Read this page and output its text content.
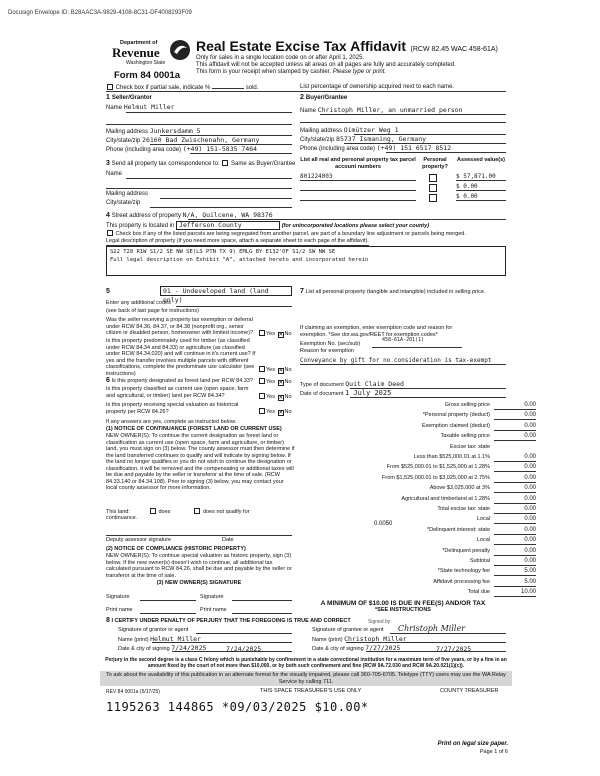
Docusign Envelope ID: B28AAC3A-9829-4108-8C31-DF4008293F09
Department of
Revenue
Washington State
Form 84 0001a
Real Estate Excise Tax Affidavit (RCW 82.45 WAC 458-61A)
Only for sales in a single location code on or after April 1, 2025.
This affidavit will not be accepted unless all areas on all pages are fully and accurately completed.
This form is your receipt when stamped by cashier. Please type or print.
Check box if partial sale, indicate %	sold.	List percentage of ownership acquired next to each name.
1 Seller/Grantor
Name Helmut Miller
Mailing address Junkersdamm 5
City/state/zip 26160 Bad Zwischenahn, Germany
Phone (including area code) (+49) 151-5835 7464
2 Buyer/Grantee
Name Christoph Miller, an unmarried person
Mailing address Oimützer Weg 1
City/state/zip 85737 Ismaning, Germany
Phone (including area code) (+49) 151 6517 8512
3 Send all property tax correspondence to: Same as Buyer/Grantee
Name
Mailing address
City/state/zip
List all real and personal property tax parcel account numbers
Personal property?
Assessed value(s)
801224003	$ 57,871.00
$ 0.00
$ 0.00
4 Street address of property N/A, Quilcene, WA 98376
This property is located in Jefferson County	(for unincorporated locations please select your county)
Check box if any of the listed parcels are being segregated from another parcel, are part of a boundary line adjustment or parcels being merged.
Legal description of property (if you need more space, attach a separate sheet to each page of the affidavit).
S22 T28 R1W S1/2 SE NW SE(LS PTN TX 9) EMLG BY E132'OF S1/2 SW NW SE
Full legal description on Exhibit "A", attached hereto and incorporated herein
5	91 - Undeveloped land (land only)
Enter any additional codes
(see back of last page for instructions)
Was the seller receiving a property tax exemption or deferral under RCW 84.36, 84.37, or 84.38 (nonprofit org., senior citizen or disabled person, homeowner with limited income)?	Yes ✕ No
Is this property predominately used for timber (as classified under RCW 84.34 and 84.33) or agriculture (as classified under RCW 84.34.020) and will continue in it's current use? If yes and the transfer involves multiple parcels with different classifications, complete the predominate use calculator (see instructions)
Yes ✕ No
6 Is this property designated as forest land per RCW 84.33?	Yes ✕ No
Is this property classified as current use (open space, farm and agricultural, or timber) land per RCW 84.34?	Yes ✕ No
Is this property receiving special valuation as historical property per RCW 84.26?	Yes ✕ No
If any answers are yes, complete as instructed below.
(1) NOTICE OF CONTINUANCE (FOREST LAND OR CURRENT USE)
NEW OWNER(S): To continue the current designation as forest land or classification as current use (open space, farm and agriculture, or timber) land, you must sign on (3) below. The county assessor must then determine if the land transferred continues to qualify and will indicate by signing below. If the land no longer qualifies or you do not wish to continue the designation or classification, it will be removed and the compensating or additional taxes will be due and payable by the seller or transferor at the time of sale. (RCW 84.33.140 or 84.34.108). Prior to signing (3) below, you may contact your local county assessor for more information.
This land:	does	does not qualify for
continuance.
Deputy assessor signature	Date
(2) NOTICE OF COMPLIANCE (HISTORIC PROPERTY)
NEW OWNER(S): To continue special valuation as historic property, sign (3) below. If the new owner(s) doesn't wish to continue, all additional tax calculated pursuant to RCW 84.26, shall be due and payable by the seller or transferor at the time of sale.
(3) NEW OWNER(S) SIGNATURE
Signature	Signature
Print name	Print name
7 List all personal property (tangible and intangible) included in selling price.
If claiming an exemption, enter exemption code and reason for exemption. *See dor.wa.gov/REET for exemption codes*
Exemption No. (sec/sub)
458-61A-201(1)
Reason for exemption
Conveyance by gift for no consideration is tax-exempt
Type of document Quit Claim Deed
Date of document 1 July 2025
Gross selling price	0.00
*Personal property (deduct)	0.00
Exemption claimed (deduct)	0.00
Taxable selling price	0.00
Excise tax: state
Less than $525,000.01 at 1.1%	0.00
From $525,000.01 to $1,525,000 at 1.28%	0.00
From $1,525,000.01 to $3,025,000 at 2.75%	0.00
Above $3,025,000 at 3%	0.00
Agricultural and timberland at 1.28%	0.00
Total excise tax: state	0.00
Local	0.00
*Delinquent interest: state	0.00
Local	0.00
*Delinquent penalty	0.00
Subtotal	0.00
*State technology fee	5.00
Affidavit processing fee	5.00
Total due	10.00
0.0050
A MINIMUM OF $10.00 IS DUE IN FEE(S) AND/OR TAX
*SEE INSTRUCTIONS
8 I CERTIFY UNDER PENALTY OF PERJURY THAT THE FOREGOING IS TRUE AND CORRECT
Signature of grantor or agent
Name (print) Helmut Miller
Date & city of signing 7/24/2025	7/24/2025
Signed by:
Signature of grantee or agent Christoph Miller
Name (print) Christoph Miller
Date & city of signing 7/27/2025	7/27/2025
Perjury in the second degree is a class C felony which is punishable by confinement in a state correctional institution for a maximum term of five years, or by a fine in an amount fixed by the court of not more than $10,000, or by both such confinement and fine (RCW 9A.72.030 and RCW 9A.20.021(1)(c)).
To ask about the availability of this publication in an alternate format for the visually impaired, please call 360-705-6705. Teletype (TTY) users may use the WA Relay Service by calling 711.
REV 84 0001a (5/17/25)	THIS SPACE TREASURER'S USE ONLY	COUNTY TREASURER
1195263 144865 *09/03/2025 $10.00*
Print on legal size paper.
Page 1 of 6
